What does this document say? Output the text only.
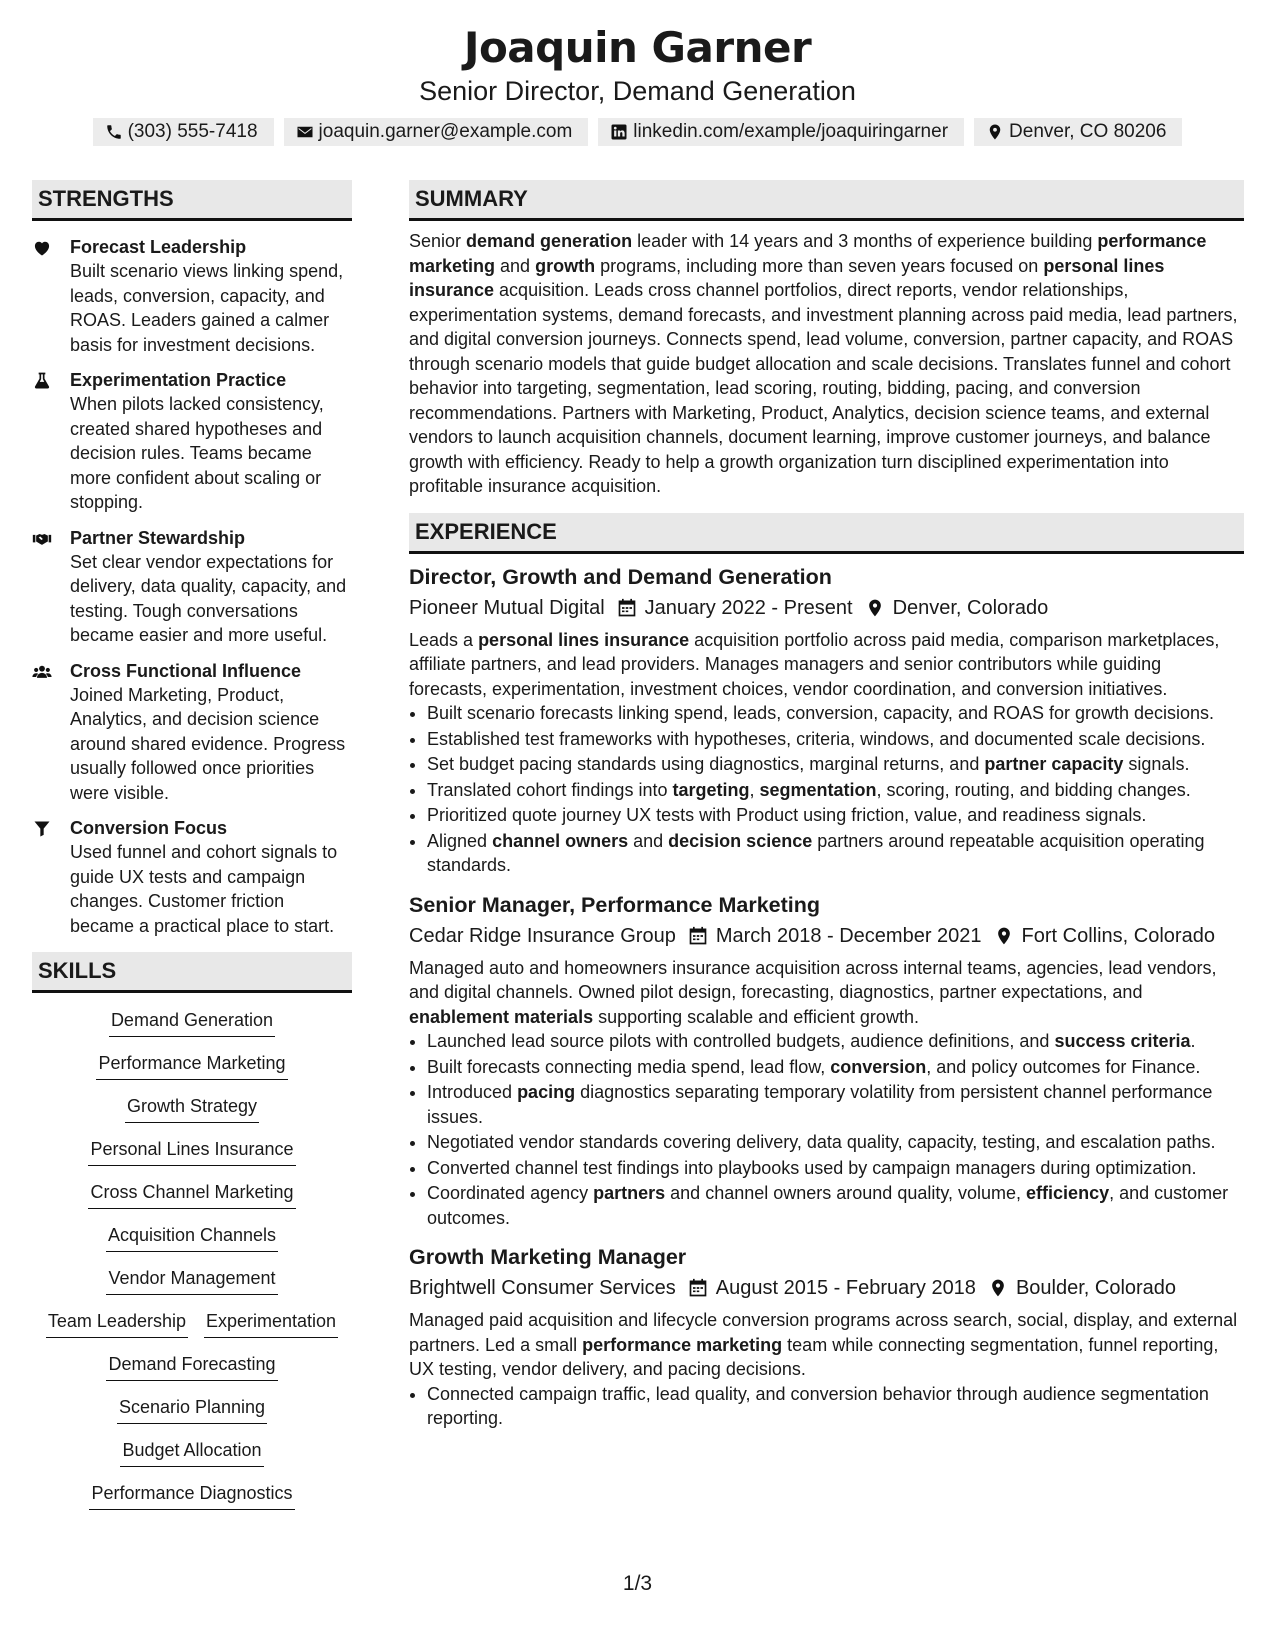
Joaquin Garner
Senior Director, Demand Generation
(303) 555-7418	joaquin.garner@example.com	linkedin.com/example/joaquiringarner	Denver, CO 80206
STRENGTHS
Forecast Leadership
Built scenario views linking spend, leads, conversion, capacity, and ROAS. Leaders gained a calmer basis for investment decisions.
Experimentation Practice
When pilots lacked consistency, created shared hypotheses and decision rules. Teams became more confident about scaling or stopping.
Partner Stewardship
Set clear vendor expectations for delivery, data quality, capacity, and testing. Tough conversations became easier and more useful.
Cross Functional Influence
Joined Marketing, Product, Analytics, and decision science around shared evidence. Progress usually followed once priorities were visible.
Conversion Focus
Used funnel and cohort signals to guide UX tests and campaign changes. Customer friction became a practical place to start.
SKILLS
Demand Generation
Performance Marketing
Growth Strategy
Personal Lines Insurance
Cross Channel Marketing
Acquisition Channels
Vendor Management
Team Leadership Experimentation
Demand Forecasting
Scenario Planning
Budget Allocation
Performance Diagnostics
SUMMARY
Senior demand generation leader with 14 years and 3 months of experience building performance marketing and growth programs, including more than seven years focused on personal lines insurance acquisition. Leads cross channel portfolios, direct reports, vendor relationships, experimentation systems, demand forecasts, and investment planning across paid media, lead partners, and digital conversion journeys. Connects spend, lead volume, conversion, partner capacity, and ROAS through scenario models that guide budget allocation and scale decisions. Translates funnel and cohort behavior into targeting, segmentation, lead scoring, routing, bidding, pacing, and conversion recommendations. Partners with Marketing, Product, Analytics, decision science teams, and external vendors to launch acquisition channels, document learning, improve customer journeys, and balance growth with efficiency. Ready to help a growth organization turn disciplined experimentation into profitable insurance acquisition.
EXPERIENCE
Director, Growth and Demand Generation
Pioneer Mutual Digital January 2022 - Present Denver, Colorado
Leads a personal lines insurance acquisition portfolio across paid media, comparison marketplaces, affiliate partners, and lead providers. Manages managers and senior contributors while guiding forecasts, experimentation, investment choices, vendor coordination, and conversion initiatives.
• Built scenario forecasts linking spend, leads, conversion, capacity, and ROAS for growth decisions.
• Established test frameworks with hypotheses, criteria, windows, and documented scale decisions.
• Set budget pacing standards using diagnostics, marginal returns, and partner capacity signals.
• Translated cohort findings into targeting, segmentation, scoring, routing, and bidding changes.
• Prioritized quote journey UX tests with Product using friction, value, and readiness signals.
• Aligned channel owners and decision science partners around repeatable acquisition operating standards.
Senior Manager, Performance Marketing
Cedar Ridge Insurance Group March 2018 - December 2021 Fort Collins, Colorado
Managed auto and homeowners insurance acquisition across internal teams, agencies, lead vendors, and digital channels. Owned pilot design, forecasting, diagnostics, partner expectations, and enablement materials supporting scalable and efficient growth.
• Launched lead source pilots with controlled budgets, audience definitions, and success criteria.
• Built forecasts connecting media spend, lead flow, conversion, and policy outcomes for Finance.
• Introduced pacing diagnostics separating temporary volatility from persistent channel performance issues.
• Negotiated vendor standards covering delivery, data quality, capacity, testing, and escalation paths.
• Converted channel test findings into playbooks used by campaign managers during optimization.
• Coordinated agency partners and channel owners around quality, volume, efficiency, and customer outcomes.
Growth Marketing Manager
Brightwell Consumer Services August 2015 - February 2018 Boulder, Colorado
Managed paid acquisition and lifecycle conversion programs across search, social, display, and external partners. Led a small performance marketing team while connecting segmentation, funnel reporting, UX testing, vendor delivery, and pacing decisions.
• Connected campaign traffic, lead quality, and conversion behavior through audience segmentation reporting.
1/3
